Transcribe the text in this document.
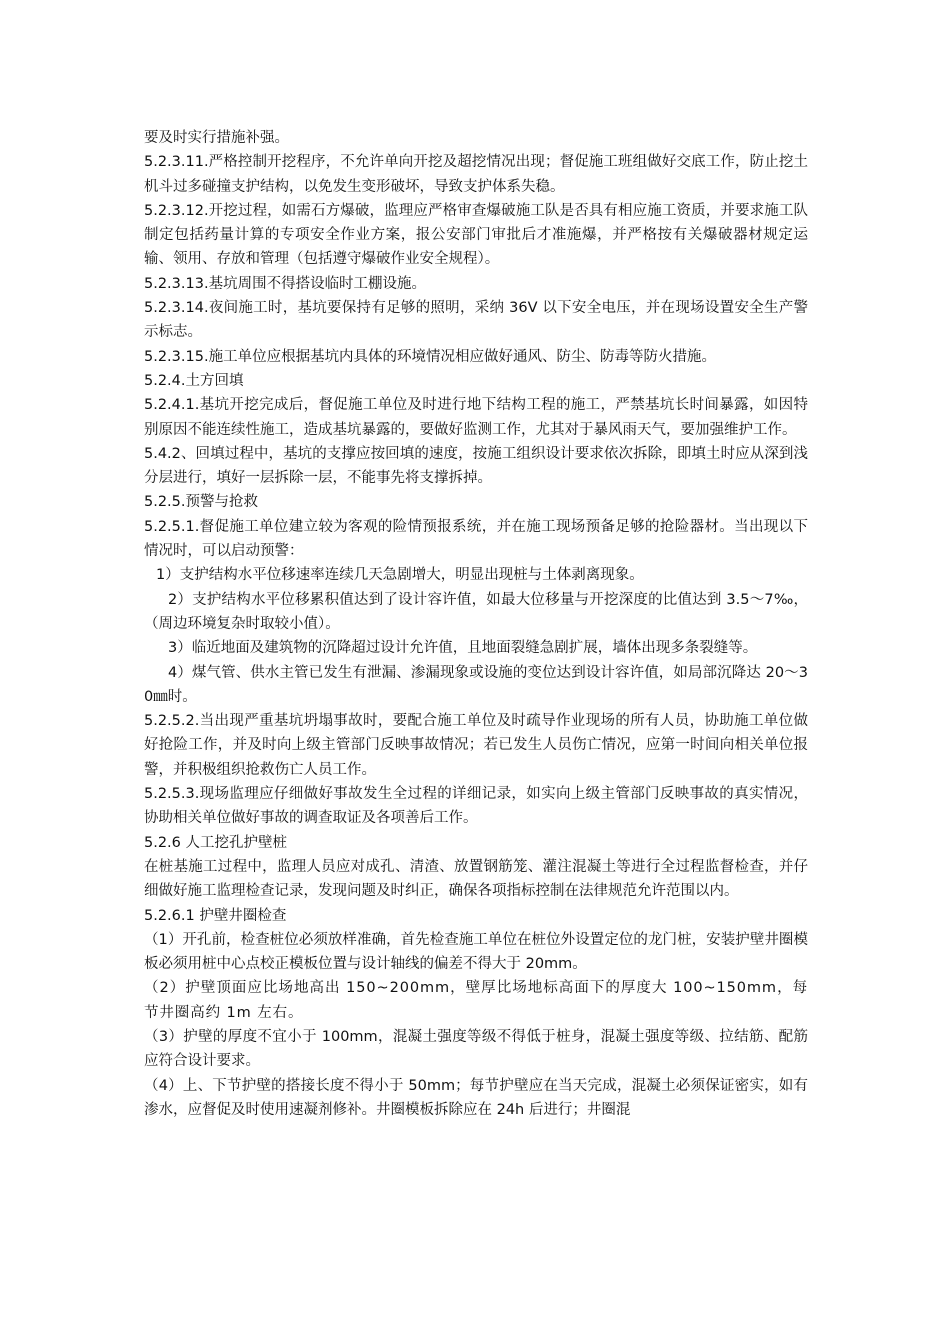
要及时实行措施补强。

5.2.3.11.严格控制开挖程序，不允许单向开挖及超挖情况出现；督促施工班组做好交底工作，防止挖土机斗过多碰撞支护结构，以免发生变形破坏，导致支护体系失稳。

5.2.3.12.开挖过程，如需石方爆破，监理应严格审查爆破施工队是否具有相应施工资质，并要求施工队制定包括药量计算的专项安全作业方案，报公安部门审批后才准施爆，并严格按有关爆破器材规定运输、领用、存放和管理（包括遵守爆破作业安全规程）。

5.2.3.13.基坑周围不得搭设临时工棚设施。

5.2.3.14.夜间施工时，基坑要保持有足够的照明，采纳 36V 以下安全电压，并在现场设置安全生产警示标志。

5.2.3.15.施工单位应根据基坑内具体的环境情况相应做好通风、防尘、防毒等防火措施。

5.2.4.土方回填

5.2.4.1.基坑开挖完成后，督促施工单位及时进行地下结构工程的施工，严禁基坑长时间暴露，如因特别原因不能连续性施工，造成基坑暴露的，要做好监测工作，尤其对于暴风雨天气，要加强维护工作。

5.4.2、回填过程中，基坑的支撑应按回填的速度，按施工组织设计要求依次拆除，即填土时应从深到浅分层进行，填好一层拆除一层，不能事先将支撑拆掉。

5.2.5.预警与抢救

5.2.5.1.督促施工单位建立较为客观的险情预报系统，并在施工现场预备足够的抢险器材。当出现以下情况时，可以启动预警：

1）支护结构水平位移速率连续几天急剧增大，明显出现桩与土体剥离现象。

2）支护结构水平位移累积值达到了设计容许值，如最大位移量与开挖深度的比值达到 3.5～7‰，（周边环境复杂时取较小值）。

3）临近地面及建筑物的沉降超过设计允许值，且地面裂缝急剧扩展，墙体出现多条裂缝等。

4）煤气管、供水主管已发生有泄漏、渗漏现象或设施的变位达到设计容许值，如局部沉降达 20～30㎜时。

5.2.5.2.当出现严重基坑坍塌事故时，要配合施工单位及时疏导作业现场的所有人员，协助施工单位做好抢险工作，并及时向上级主管部门反映事故情况；若已发生人员伤亡情况，应第一时间向相关单位报警，并积极组织抢救伤亡人员工作。

5.2.5.3.现场监理应仔细做好事故发生全过程的详细记录，如实向上级主管部门反映事故的真实情况，协助相关单位做好事故的调查取证及各项善后工作。

5.2.6 人工挖孔护壁桩

在桩基施工过程中，监理人员应对成孔、清渣、放置钢筋笼、灌注混凝土等进行全过程监督检查，并仔细做好施工监理检查记录，发现问题及时纠正，确保各项指标控制在法律规范允许范围以内。

5.2.6.1 护壁井圈检查

（1）开孔前，检查桩位必须放样准确，首先检查施工单位在桩位外设置定位的龙门桩，安装护壁井圈模板必须用桩中心点校正模板位置与设计轴线的偏差不得大于 20mm。

（2）护壁顶面应比场地高出 150~200mm，壁厚比场地标高面下的厚度大 100~150mm，每节井圈高约 1m 左右。

（3）护壁的厚度不宜小于 100mm，混凝土强度等级不得低于桩身，混凝土强度等级、拉结筋、配筋应符合设计要求。

（4）上、下节护壁的搭接长度不得小于 50mm；每节护壁应在当天完成，混凝土必须保证密实，如有渗水，应督促及时使用速凝剂修补。井圈模板拆除应在 24h 后进行；井圈混
